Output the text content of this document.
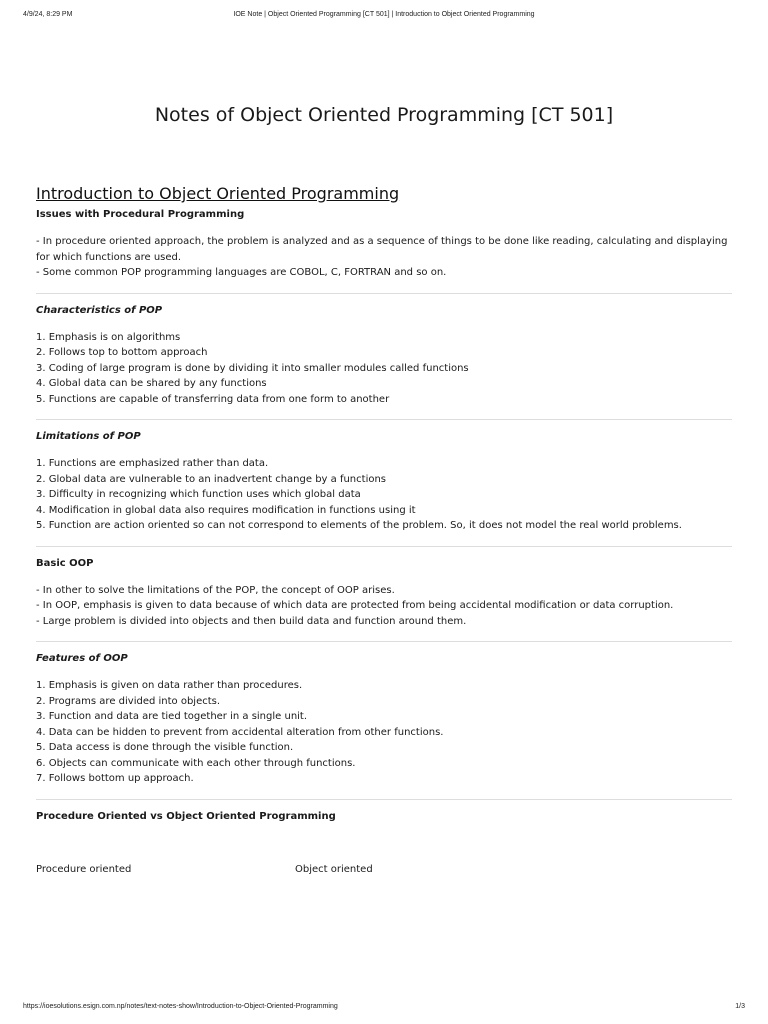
4/9/24, 8:29 PM	IOE Note | Object Oriented Programming [CT 501] | Introduction to Object Oriented Programming
Notes of Object Oriented Programming [CT 501]
Introduction to Object Oriented Programming
Issues with Procedural Programming
- In procedure oriented approach, the problem is analyzed and as a sequence of things to be done like reading, calculating and displaying for which functions are used.
- Some common POP programming languages are COBOL, C, FORTRAN and so on.
Characteristics of POP
1. Emphasis is on algorithms
2. Follows top to bottom approach
3. Coding of large program is done by dividing it into smaller modules called functions
4. Global data can be shared by any functions
5. Functions are capable of transferring data from one form to another
Limitations of POP
1. Functions are emphasized rather than data.
2. Global data are vulnerable to an inadvertent change by a functions
3. Difficulty in recognizing which function uses which global data
4. Modification in global data also requires modification in functions using it
5. Function are action oriented so can not correspond to elements of the problem. So, it does not model the real world problems.
Basic OOP
- In other to solve the limitations of the POP, the concept of OOP arises.
- In OOP, emphasis is given to data because of which data are protected from being accidental modification or data corruption.
- Large problem is divided into objects and then build data and function around them.
Features of OOP
1. Emphasis is given on data rather than procedures.
2. Programs are divided into objects.
3. Function and data are tied together in a single unit.
4. Data can be hidden to prevent from accidental alteration from other functions.
5. Data access is done through the visible function.
6. Objects can communicate with each other through functions.
7. Follows bottom up approach.
Procedure Oriented vs Object Oriented Programming
Procedure oriented	Object oriented
https://ioesolutions.esign.com.np/notes/text-notes-show/Introduction-to-Object-Oriented-Programming	1/3
